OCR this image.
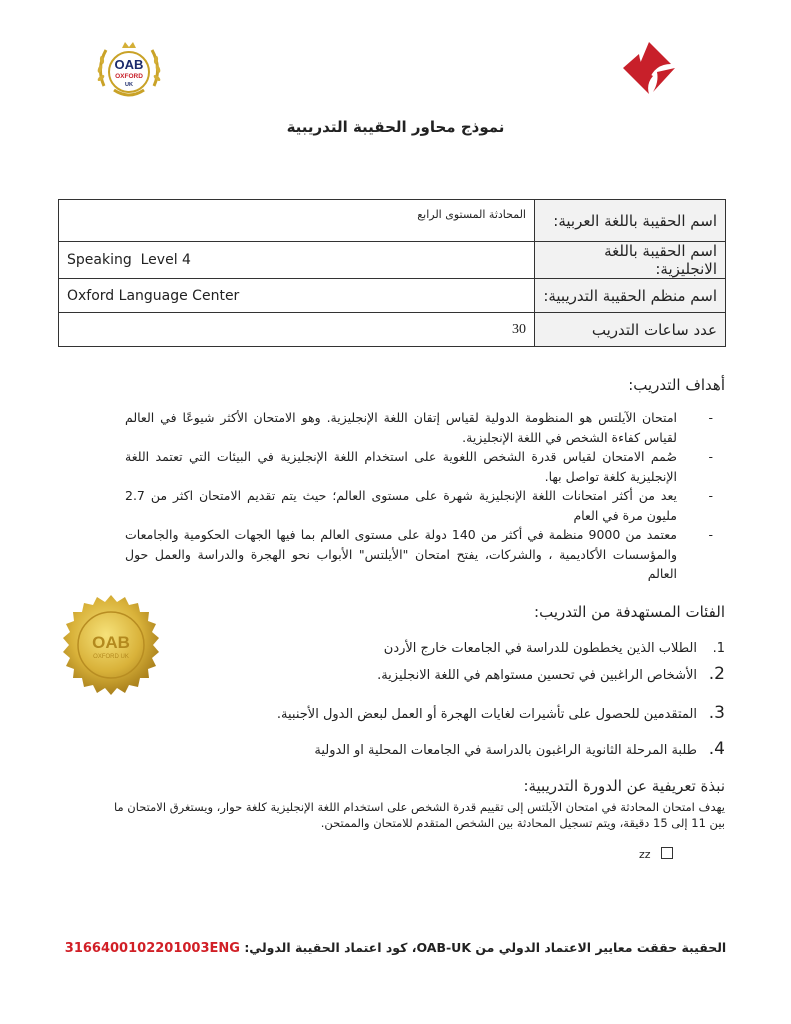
OAB
OXFORD
UK
نموذج محاور الحقيبة التدريبية
المحادثة المستوى الرابع	اسم الحقيبة باللغة العربية:
Speaking  Level 4	اسم الحقيبة باللغة الانجليزية:
Oxford Language Center	اسم منظم الحقيبة التدريبية:
30	عدد ساعات التدريب
أهداف التدريب:
-
امتحان الآيلتس هو المنظومة الدولية لقياس إتقان اللغة الإنجليزية. وهو الامتحان الأكثر شيوعًا في العالم لقياس كفاءة الشخص في اللغة الإنجليزية.
-
صُمم الامتحان لقياس قدرة الشخص اللغوية على استخدام اللغة الإنجليزية في البيئات التي تعتمد اللغة الإنجليزية كلغة تواصل بها.
-
يعد من أكثر امتحانات اللغة الإنجليزية شهرة على مستوى العالم؛ حيث يتم تقديم الامتحان اكثر من 2.7 مليون مرة في العام
-
معتمد من 9000 منظمة في أكثر من 140 دولة على مستوى العالم بما فيها الجهات الحكومية والجامعات والمؤسسات الأكاديمية ، والشركات، يفتح امتحان "الأيلتس" الأبواب نحو الهجرة والدراسة والعمل حول العالم
OAB
OXFORD UK
الفئات المستهدفة من التدريب:
1.الطلاب الذين يخططون للدراسة في الجامعات خارج الأردن
2.الأشخاص الراغبين في تحسين مستواهم في اللغة الانجليزية.
3.المتقدمين للحصول على تأشيرات لغايات الهجرة أو العمل لبعض الدول الأجنبية.
4.طلبة المرحلة الثانوية الراغبون بالدراسة في الجامعات المحلية او الدولية
نبذة تعريفية عن الدورة التدريبية:
يهدف امتحان المحادثة في امتحان الآيلتس إلى تقييم قدرة الشخص على استخدام اللغة الإنجليزية كلغة حوار، ويستغرق الامتحان ما بين 11 إلى 15 دقيقة، ويتم تسجيل المحادثة بين الشخص المتقدم للامتحان والممتحن.
zz
الحقيبة حققت معايير الاعتماد الدولي من OAB-UK، كود اعتماد الحقيبة الدولي: 3166400102201003ENG
